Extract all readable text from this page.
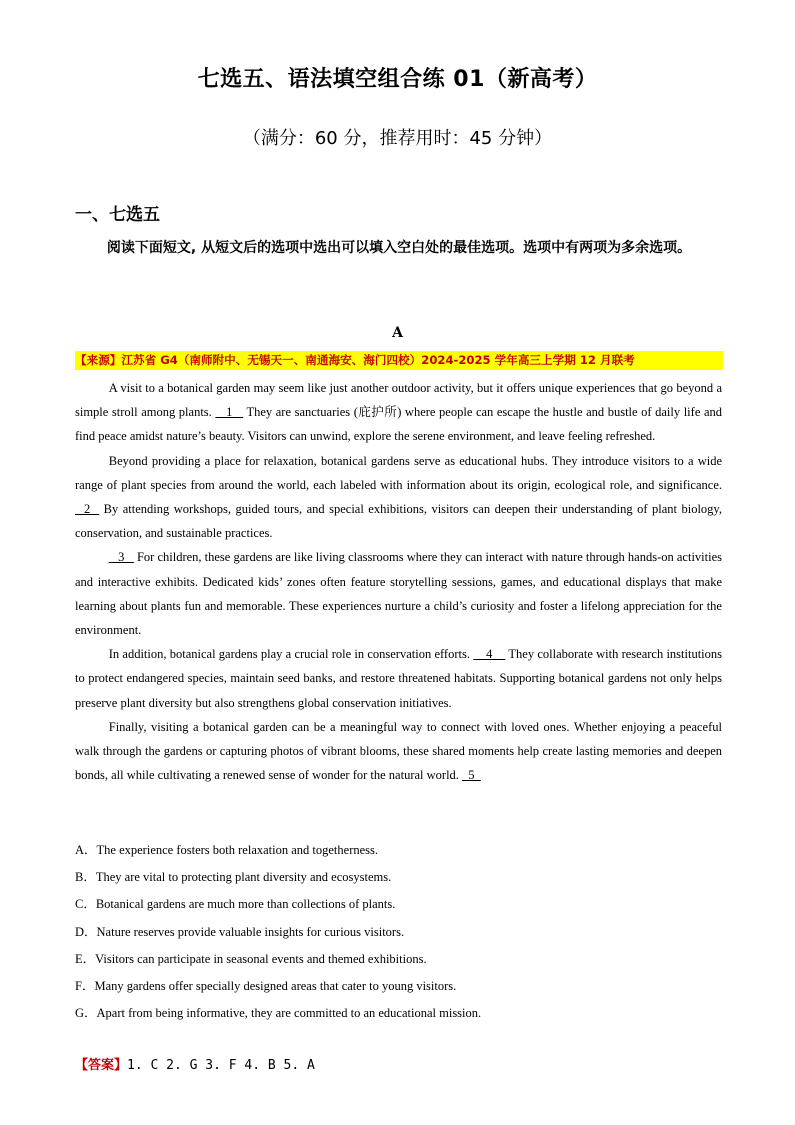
七选五、语法填空组合练 01（新高考）
（满分：60 分，推荐用时：45 分钟）
一、七选五
阅读下面短文, 从短文后的选项中选出可以填入空白处的最佳选项。选项中有两项为多余选项。
A
【来源】江苏省 G4（南师附中、无锡天一、南通海安、海门四校）2024-2025 学年高三上学期 12 月联考

A visit to a botanical garden may seem like just another outdoor activity, but it offers unique experiences that go beyond a simple stroll among plants.    1    They are sanctuaries (庇护所) where people can escape the hustle and bustle of daily life and find peace amidst nature’s beauty. Visitors can unwind, explore the serene environment, and leave feeling refreshed.

Beyond providing a place for relaxation, botanical gardens serve as educational hubs. They introduce visitors to a wide range of plant species from around the world, each labeled with information about its origin, ecological role, and significance.   2   By attending workshops, guided tours, and special exhibitions, visitors can deepen their understanding of plant biology, conservation, and sustainable practices.

3    For children, these gardens are like living classrooms where they can interact with nature through hands-on activities and interactive exhibits. Dedicated kids’ zones often feature storytelling sessions, games, and educational displays that make learning about plants fun and memorable. These experiences nurture a child’s curiosity and foster a lifelong appreciation for the environment.

In addition, botanical gardens play a crucial role in conservation efforts.     4     They collaborate with research institutions to protect endangered species, maintain seed banks, and restore threatened habitats. Supporting botanical gardens not only helps preserve plant diversity but also strengthens global conservation initiatives.

Finally, visiting a botanical garden can be a meaningful way to connect with loved ones. Whether enjoying a peaceful walk through the gardens or capturing photos of vibrant blooms, these shared moments help create lasting memories and deepen bonds, all while cultivating a renewed sense of wonder for the natural world.   5

A．The experience fosters both relaxation and togetherness.
B．They are vital to protecting plant diversity and ecosystems.
C．Botanical gardens are much more than collections of plants.
D．Nature reserves provide valuable insights for curious visitors.
E．Visitors can participate in seasonal events and themed exhibitions.
F．Many gardens offer specially designed areas that cater to young visitors.
G．Apart from being informative, they are committed to an educational mission.
【答案】1. C 2. G 3. F 4. B 5. A
